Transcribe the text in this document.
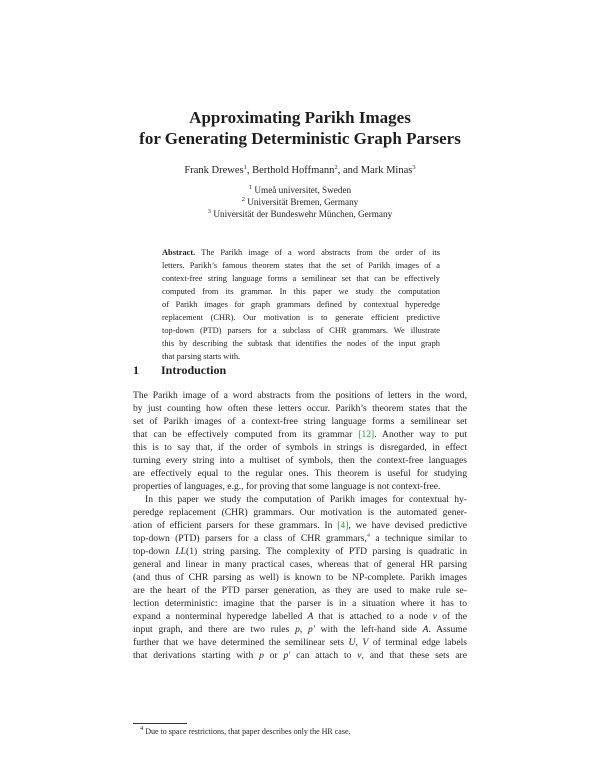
Approximating Parikh Images
for Generating Deterministic Graph Parsers
Frank Drewes$^1$, Berthold Hoffmann$^2$, and Mark Minas$^3$
$^1$ Umeå universitet, Sweden
$^2$ Universität Bremen, Germany
$^3$ Universität der Bundeswehr München, Germany
Abstract. The Parikh image of a word abstracts from the order of its
letters. Parikh’s famous theorem states that the set of Parikh images of a
context-free string language forms a semilinear set that can be effectively
computed from its grammar. In this paper we study the computation
of Parikh images for graph grammars defined by contextual hyperedge
replacement (CHR). Our motivation is to generate efficient predictive
top-down (PTD) parsers for a subclass of CHR grammars. We illustrate
this by describing the subtask that identifies the nodes of the input graph
that parsing starts with.
1 Introduction

The Parikh image of a word abstracts from the positions of letters in the word,
by just counting how often these letters occur. Parikh’s theorem states that the
set of Parikh images of a context-free string language forms a semilinear set
that can be effectively computed from its grammar [12]. Another way to put
this is to say that, if the order of symbols in strings is disregarded, in effect
turning every string into a multiset of symbols, then the context-free languages
are effectively equal to the regular ones. This theorem is useful for studying
properties of languages, e.g., for proving that some language is not context-free.

In this paper we study the computation of Parikh images for contextual hy-
peredge replacement (CHR) grammars. Our motivation is the automated gener-
ation of efficient parsers for these grammars. In [4], we have devised predictive
top-down (PTD) parsers for a class of CHR grammars,$^4$ a technique similar to
top-down LL(1) string parsing. The complexity of PTD parsing is quadratic in
general and linear in many practical cases, whereas that of general HR parsing
(and thus of CHR parsing as well) is known to be NP-complete. Parikh images
are the heart of the PTD parser generation, as they are used to make rule se-
lection deterministic: imagine that the parser is in a situation where it has to
expand a nonterminal hyperedge labelled A that is attached to a node v of the
input graph, and there are two rules p, p′ with the left-hand side A. Assume
further that we have determined the semilinear sets U, V of terminal edge labels
that derivations starting with p or p′ can attach to v, and that these sets are

$^4$ Due to space restrictions, that paper describes only the HR case.
